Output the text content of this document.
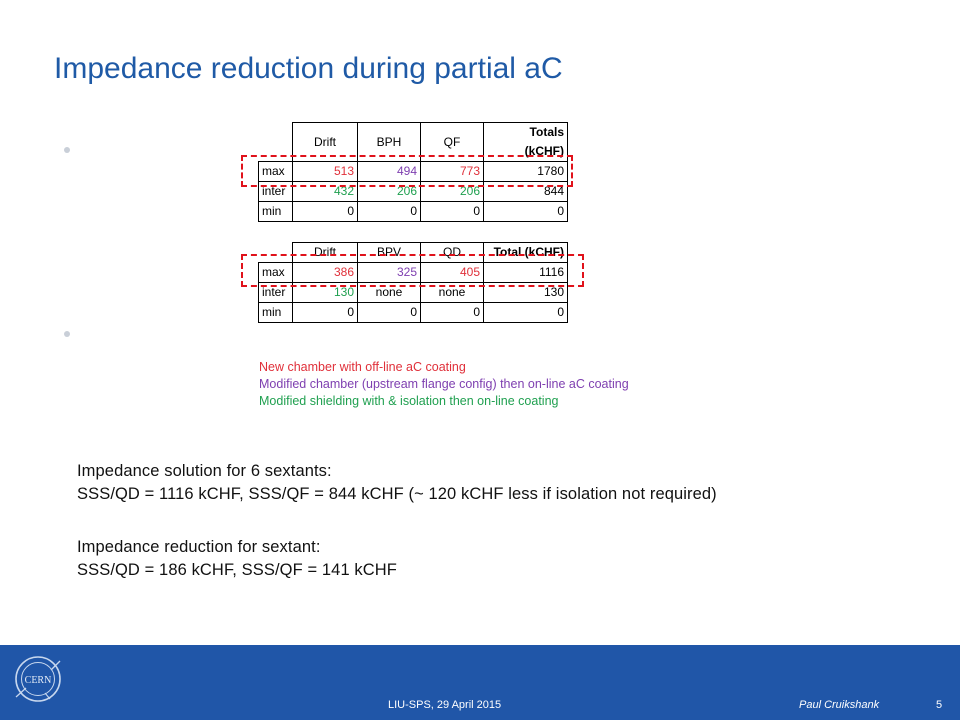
Impedance reduction during partial aC
	Drift	BPH	QF	Totals (kCHF)
max	513	494	773	1780
inter	432	206	206	844
min	0	0	0	0
	Drift	BPV	QD	Total (kCHF)
max	386	325	405	1116
inter	130	none	none	130
min	0	0	0	0
New chamber with off-line aC coating
Modified chamber (upstream flange config) then on-line aC coating
Modified shielding with & isolation then on-line coating
Impedance solution for 6 sextants:
SSS/QD = 1116 kCHF, SSS/QF = 844 kCHF (~ 120 kCHF less if isolation not required)
Impedance reduction for sextant:
SSS/QD = 186 kCHF, SSS/QF = 141 kCHF
CERN
LIU-SPS, 29 April 2015	Paul Cruikshank	5
